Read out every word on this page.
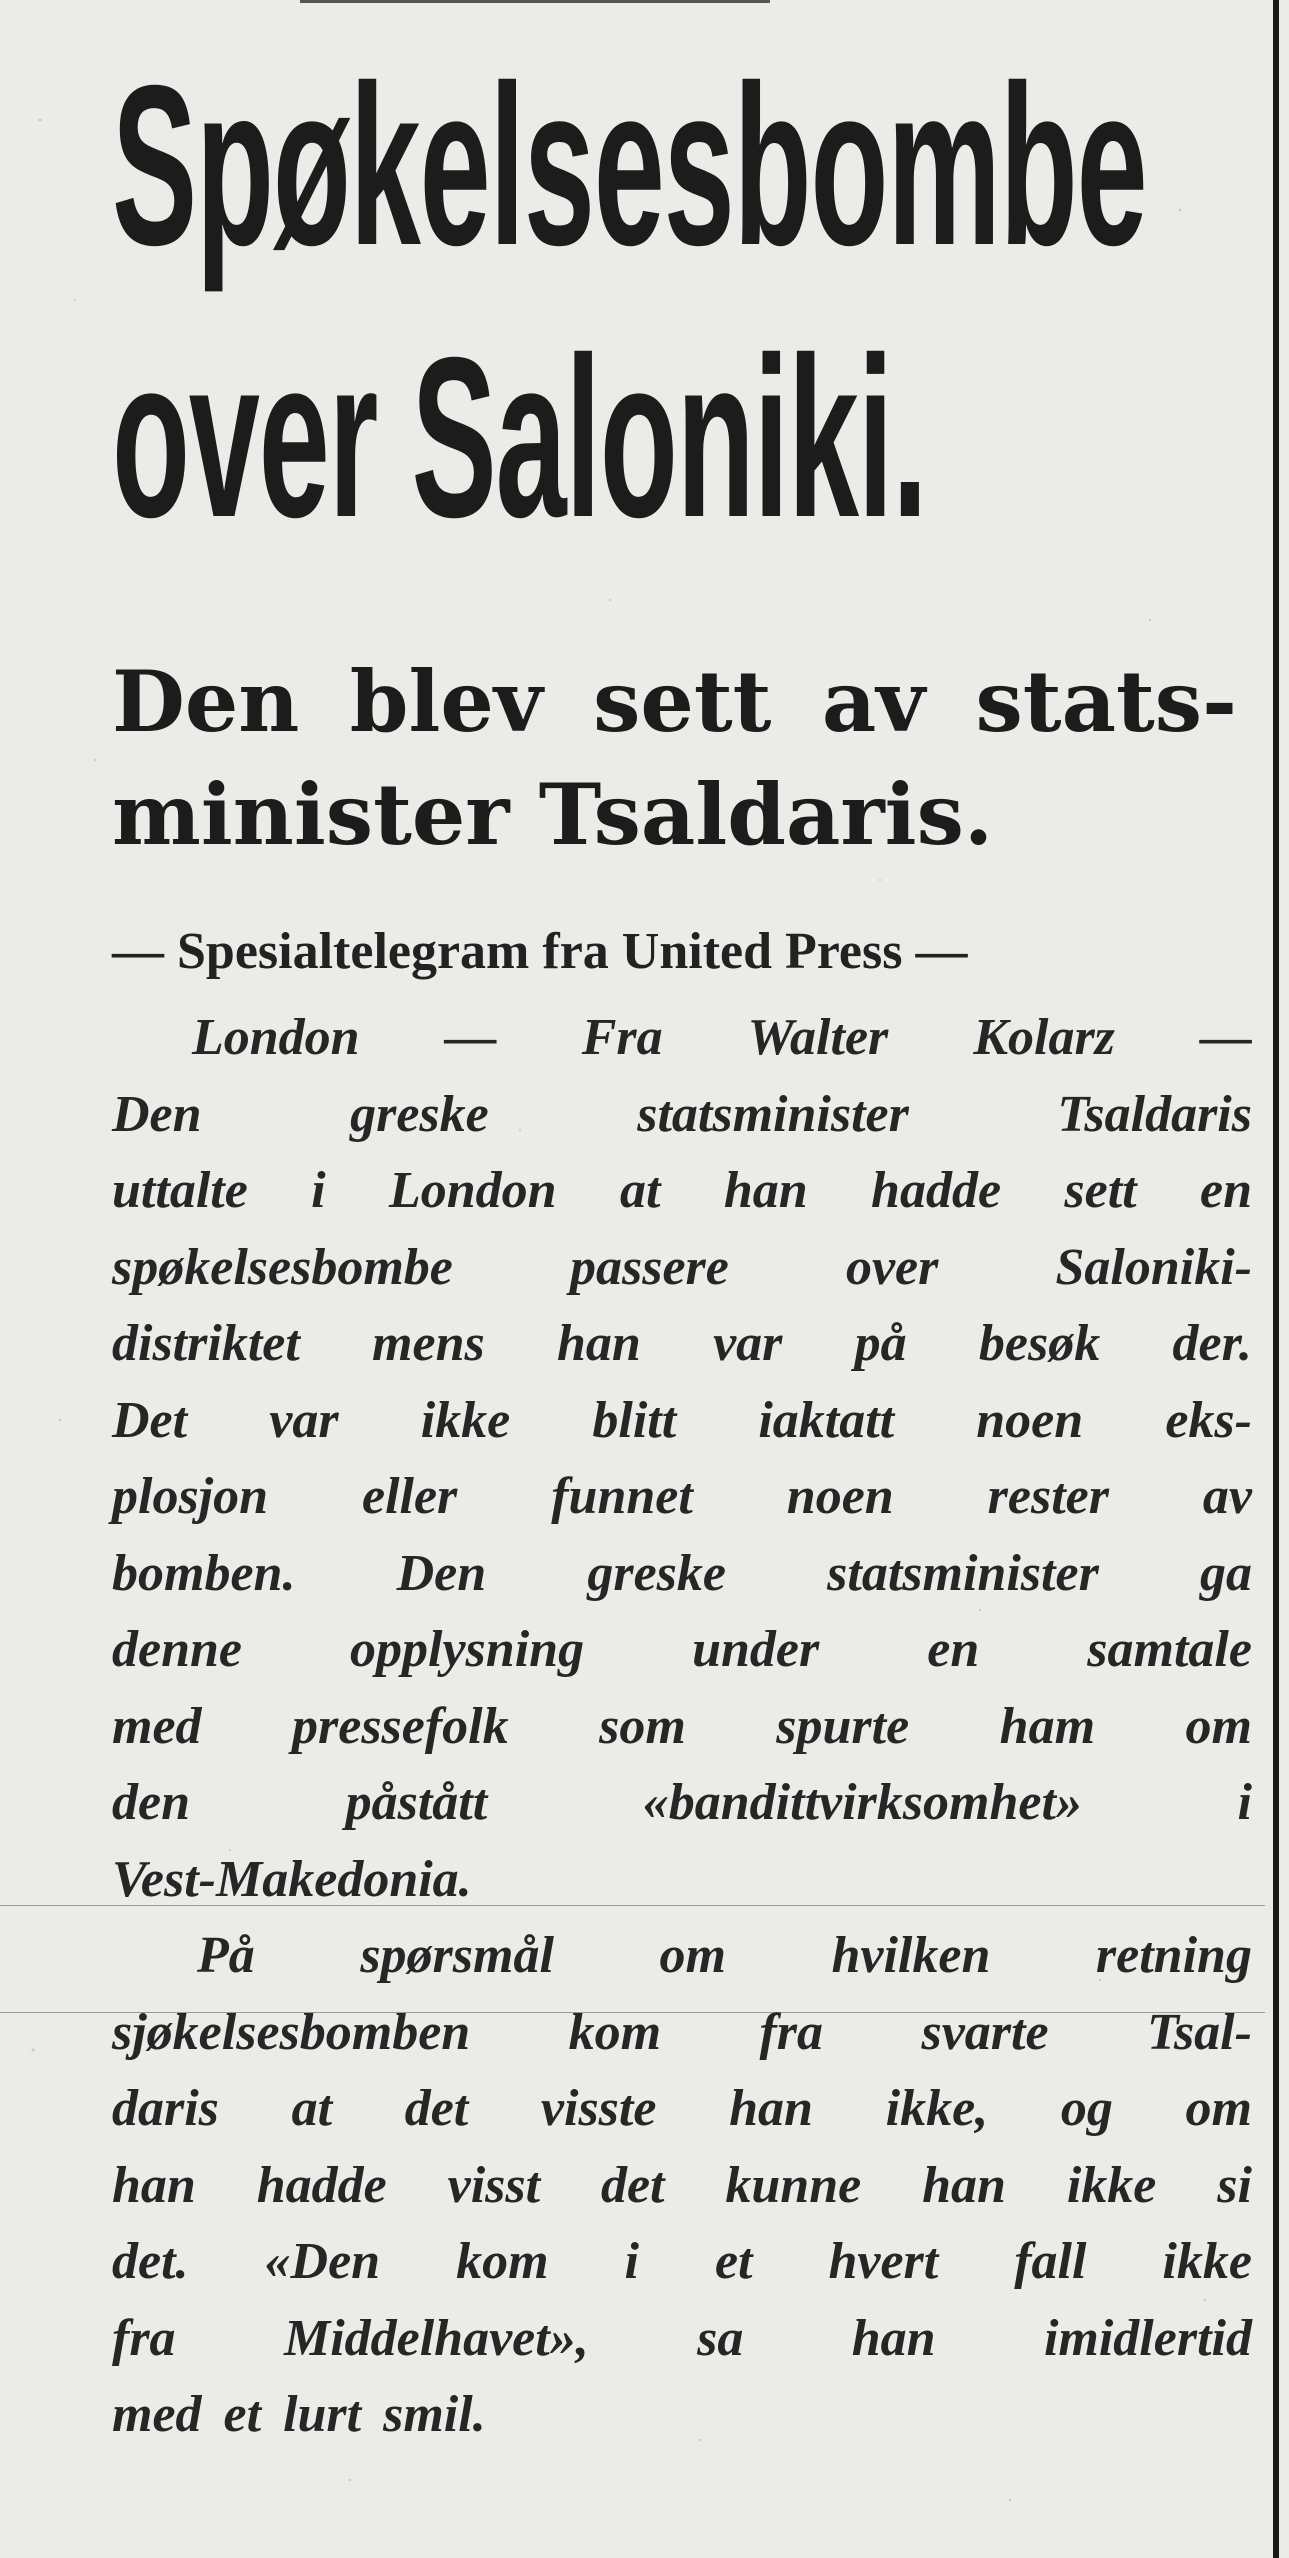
Spøkelsesbombe
over Saloniki.
Den blev sett av stats-
minister Tsaldaris.
— Spesialtelegram fra United Press —
London — Fra Walter Kolarz —
Den	greske	statsminister	Tsaldaris
uttalte i London at han hadde sett en
spøkelsesbombe passere over Saloniki-
distriktet mens han var på besøk der.
Det var ikke blitt iaktatt noen eks-
plosjon eller funnet noen rester av
bomben. Den greske statsminister ga
denne opplysning under en samtale
med pressefolk som spurte ham om
den	påstått	«bandittvirksomhet»	i
Vest-Makedonia.
På spørsmål om hvilken retning
sjøkelsesbomben kom fra svarte Tsal-
daris at det visste han ikke, og om
han hadde visst det kunne han ikke si
det. «Den kom i et hvert fall ikke
fra Middelhavet», sa han imidlertid
med et lurt smil.
